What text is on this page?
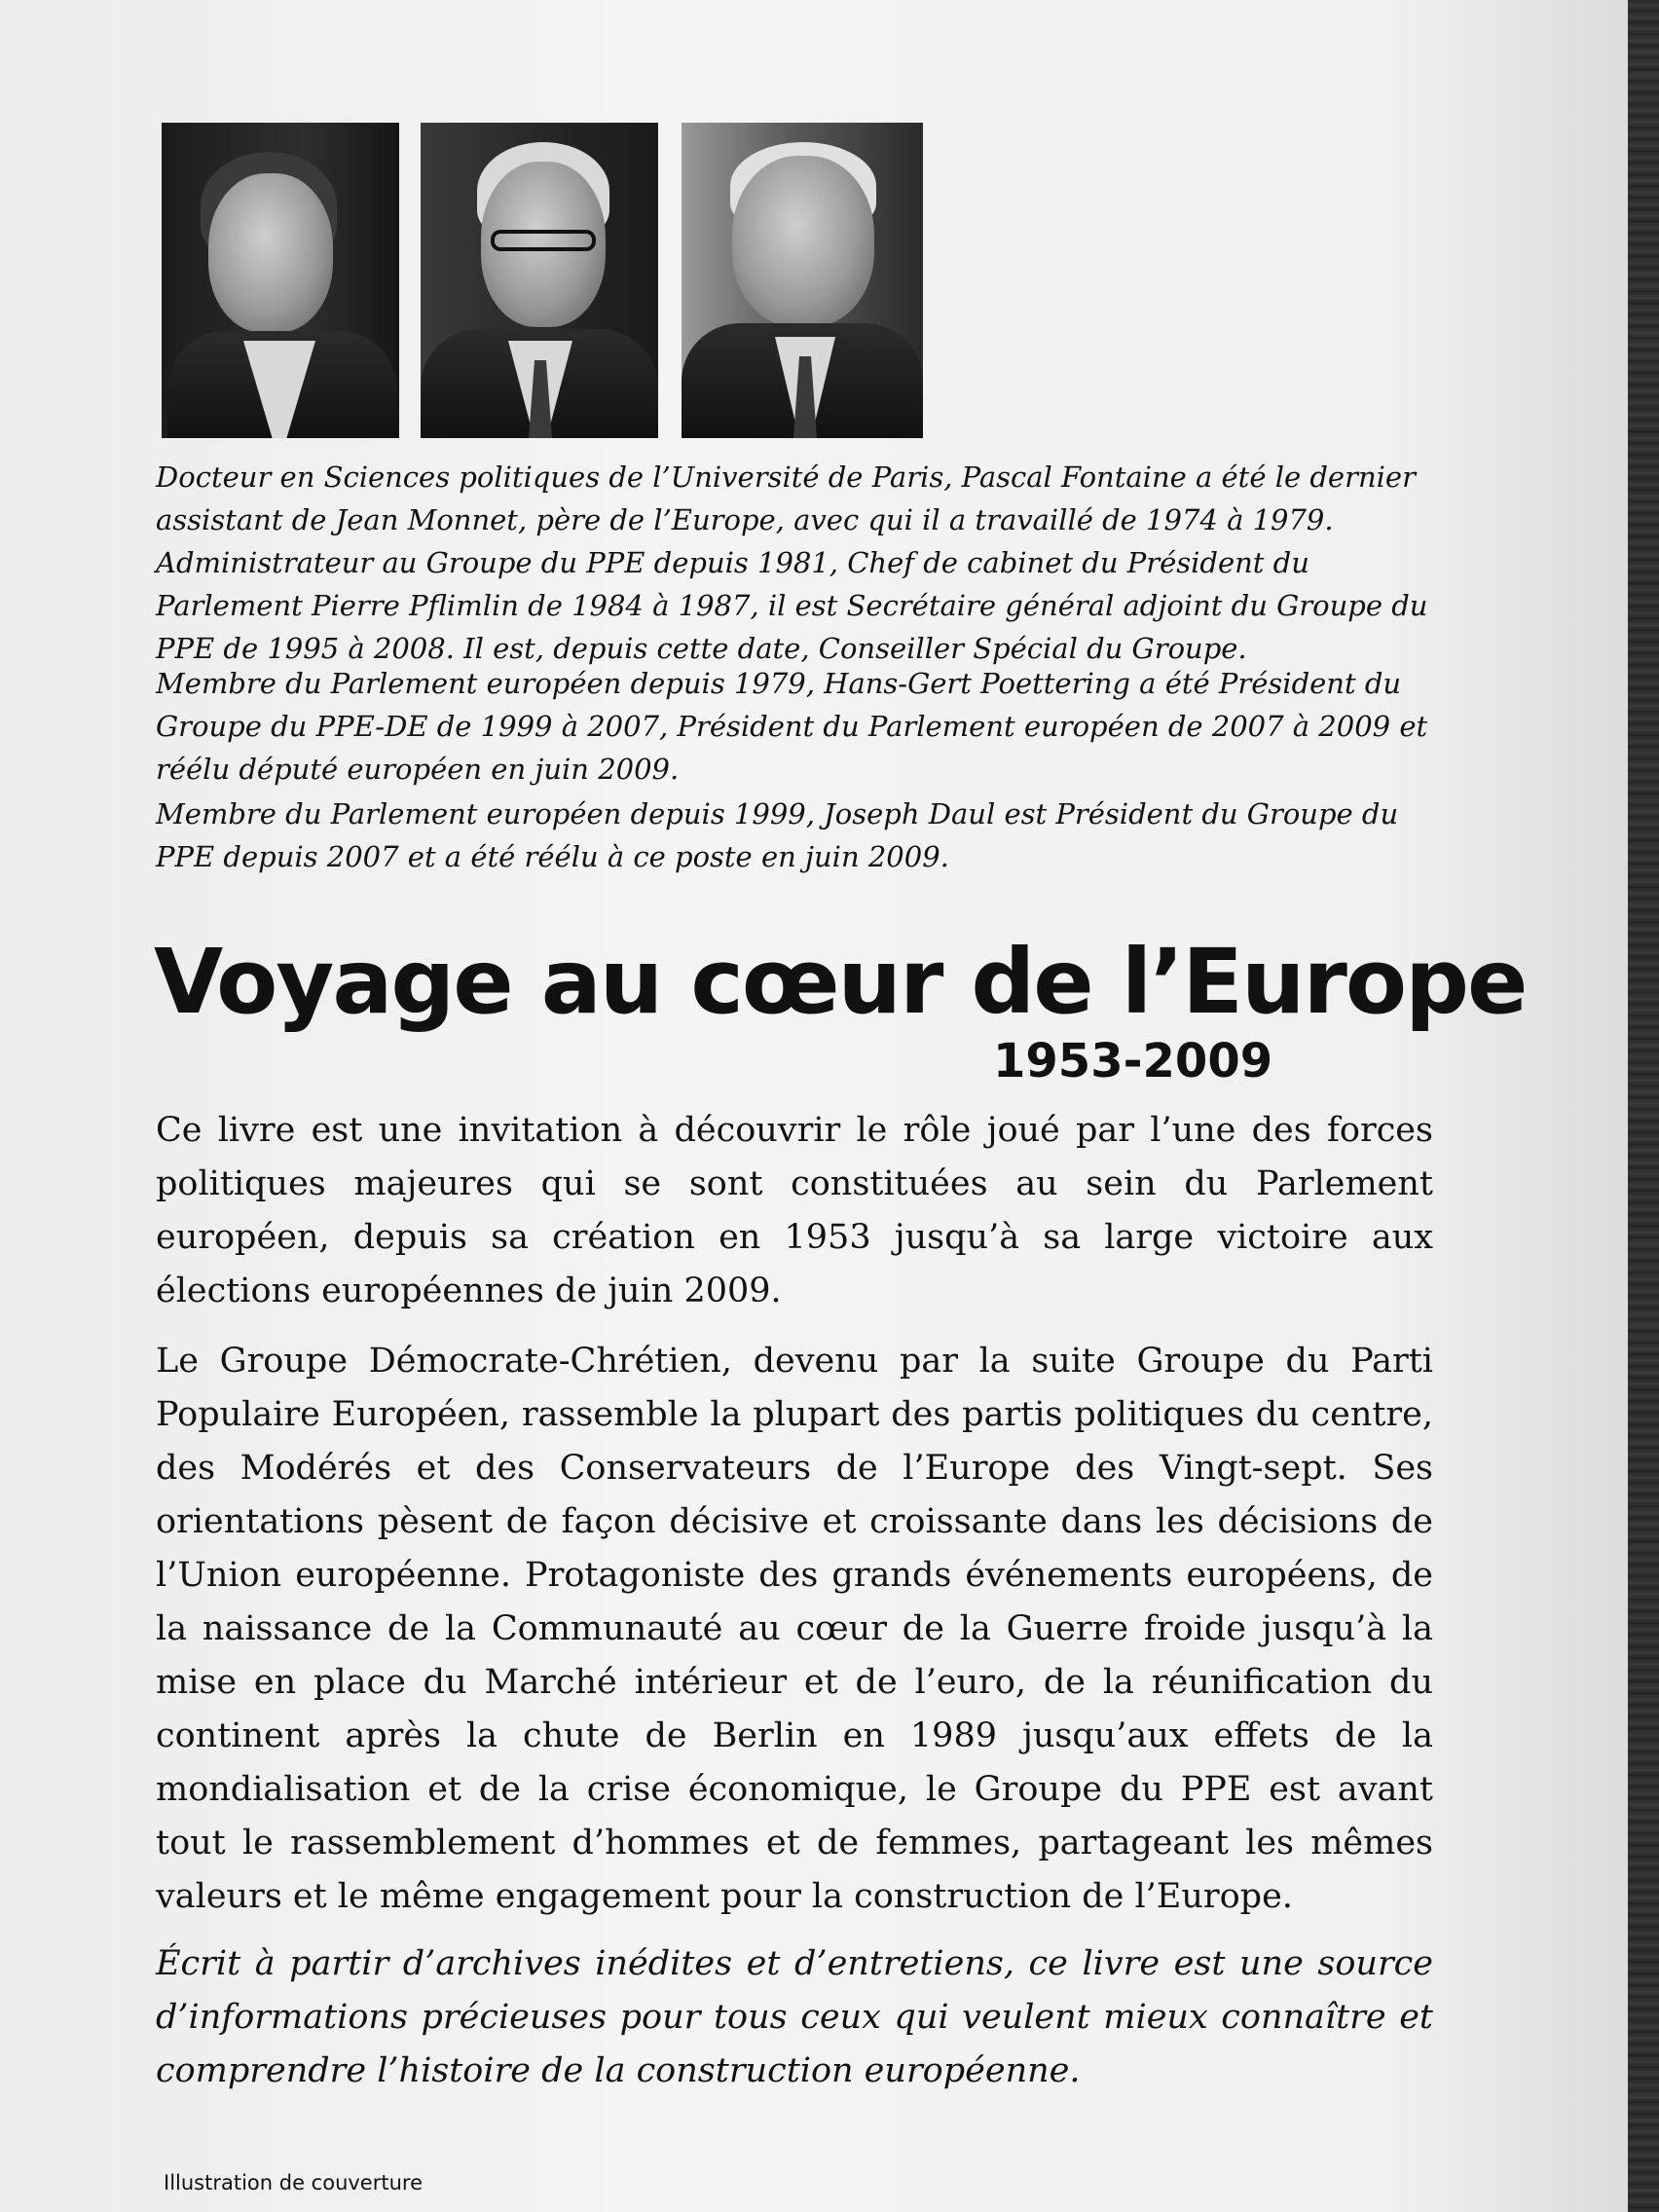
Docteur en Sciences politiques de l’Université de Paris, Pascal Fontaine a été le dernier assistant de Jean Monnet, père de l’Europe, avec qui il a travaillé de 1974 à 1979. Administrateur au Groupe du PPE depuis 1981, Chef de cabinet du Président du Parlement Pierre Pflimlin de 1984 à 1987, il est Secrétaire général adjoint du Groupe du PPE de 1995 à 2008. Il est, depuis cette date, Conseiller Spécial du Groupe.

Membre du Parlement européen depuis 1979, Hans-Gert Poettering a été Président du Groupe du PPE-DE de 1999 à 2007, Président du Parlement européen de 2007 à 2009 et réélu député européen en juin 2009.

Membre du Parlement européen depuis 1999, Joseph Daul est Président du Groupe du PPE depuis 2007 et a été réélu à ce poste en juin 2009.

Voyage au cœur de l’Europe
1953-2009

Ce livre est une invitation à découvrir le rôle joué par l’une des forces politiques majeures qui se sont constituées au sein du Parlement européen, depuis sa création en 1953 jusqu’à sa large victoire aux élections européennes de juin 2009.

Le Groupe Démocrate-Chrétien, devenu par la suite Groupe du Parti Populaire Européen, rassemble la plupart des partis politiques du centre, des Modérés et des Conservateurs de l’Europe des Vingt-sept. Ses orientations pèsent de façon décisive et croissante dans les décisions de l’Union européenne. Protagoniste des grands événements européens, de la naissance de la Communauté au cœur de la Guerre froide jusqu’à la mise en place du Marché intérieur et de l’euro, de la réunification du continent après la chute de Berlin en 1989 jusqu’aux effets de la mondialisation et de la crise économique, le Groupe du PPE est avant tout le rassemblement d’hommes et de femmes, partageant les mêmes valeurs et le même engagement pour la construction de l’Europe.

Écrit à partir d’archives inédites et d’entretiens, ce livre est une source d’informations précieuses pour tous ceux qui veulent mieux connaître et comprendre l’histoire de la construction européenne.

Illustration de couverture
